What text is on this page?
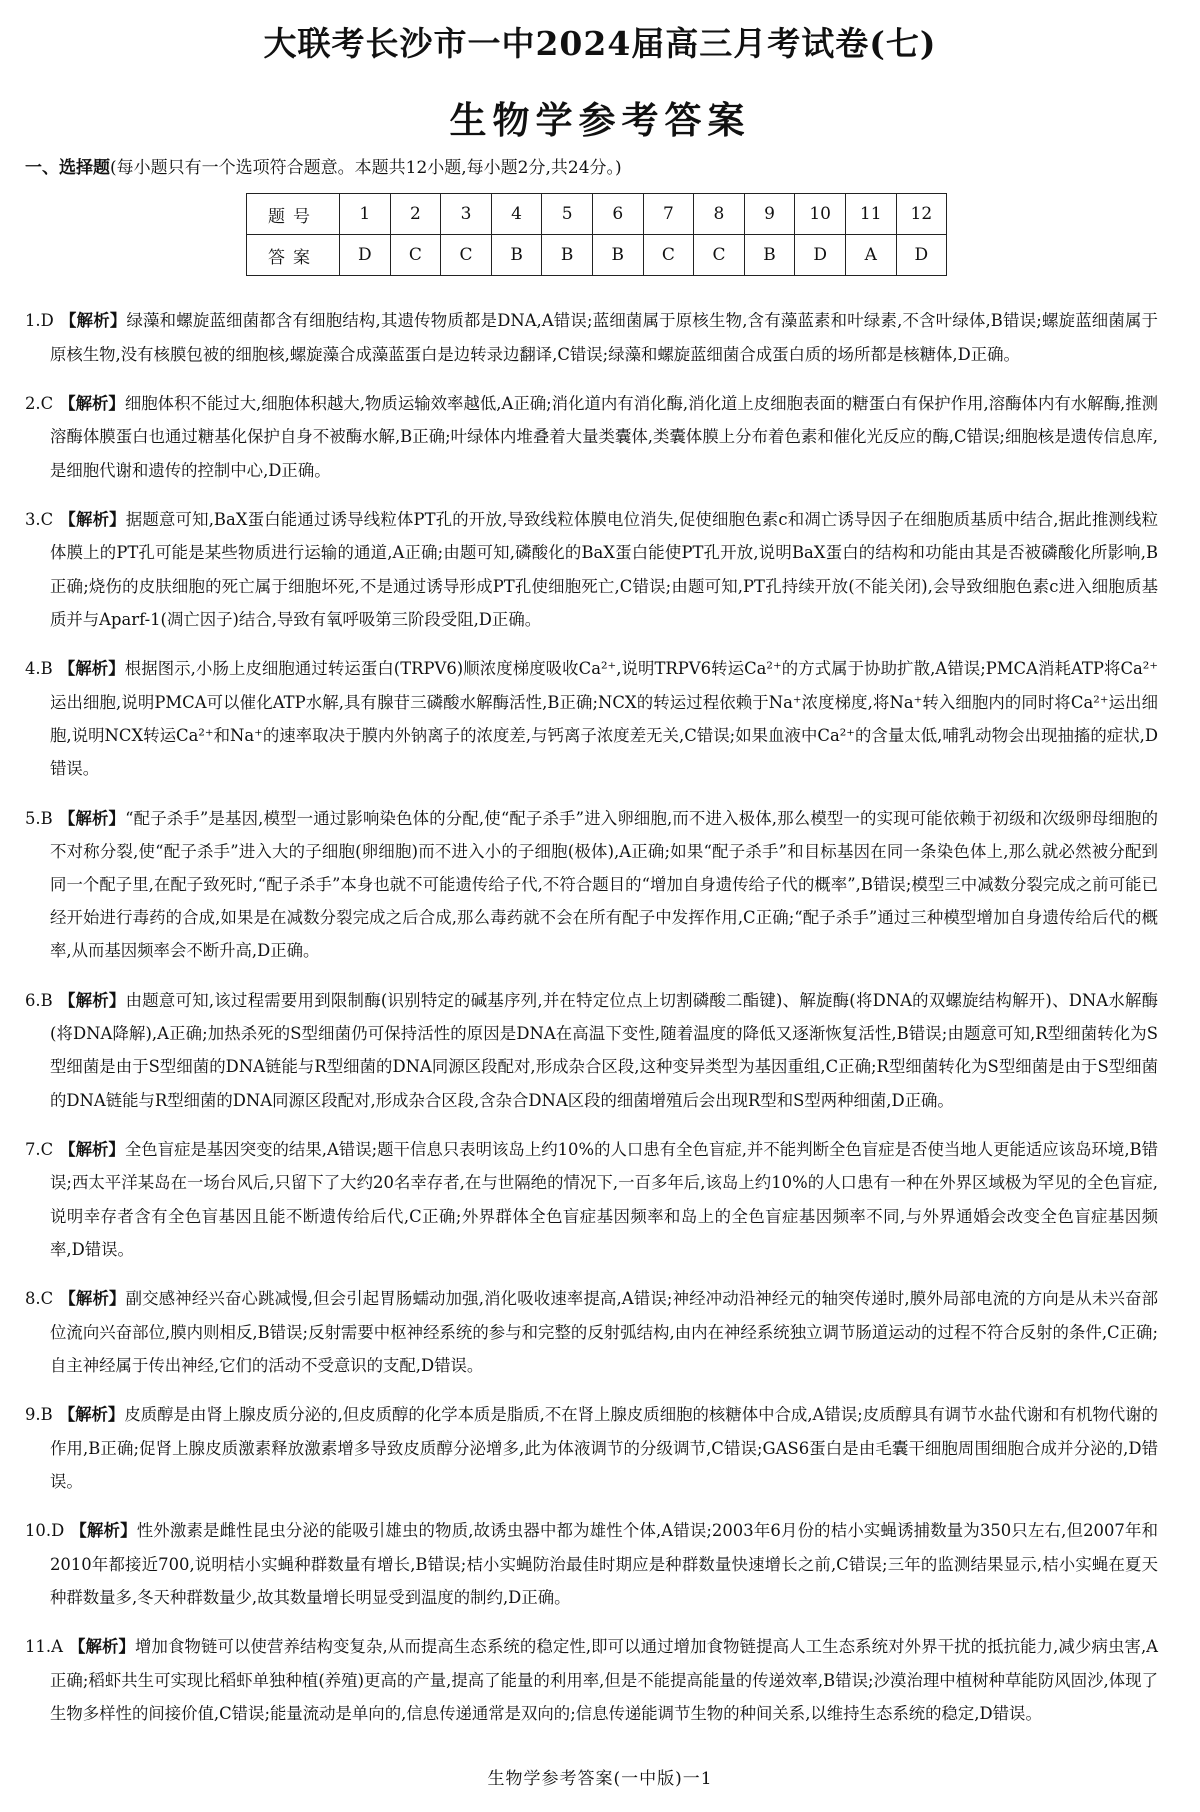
大联考长沙市一中2024届高三月考试卷(七)
生物学参考答案
一、选择题(每小题只有一个选项符合题意。本题共12小题,每小题2分,共24分。)
题号	1	2	3	4	5	6	7	8	9	10	11	12
答案	D	C	C	B	B	B	C	C	B	D	A	D

1.D 【解析】绿藻和螺旋蓝细菌都含有细胞结构,其遗传物质都是DNA,A错误;蓝细菌属于原核生物,含有藻蓝素和叶绿素,不含叶绿体,B错误;螺旋蓝细菌属于原核生物,没有核膜包被的细胞核,螺旋藻合成藻蓝蛋白是边转录边翻译,C错误;绿藻和螺旋蓝细菌合成蛋白质的场所都是核糖体,D正确。

2.C 【解析】细胞体积不能过大,细胞体积越大,物质运输效率越低,A正确;消化道内有消化酶,消化道上皮细胞表面的糖蛋白有保护作用,溶酶体内有水解酶,推测溶酶体膜蛋白也通过糖基化保护自身不被酶水解,B正确;叶绿体内堆叠着大量类囊体,类囊体膜上分布着色素和催化光反应的酶,C错误;细胞核是遗传信息库,是细胞代谢和遗传的控制中心,D正确。

3.C 【解析】据题意可知,BaX蛋白能通过诱导线粒体PT孔的开放,导致线粒体膜电位消失,促使细胞色素c和凋亡诱导因子在细胞质基质中结合,据此推测线粒体膜上的PT孔可能是某些物质进行运输的通道,A正确;由题可知,磷酸化的BaX蛋白能使PT孔开放,说明BaX蛋白的结构和功能由其是否被磷酸化所影响,B正确;烧伤的皮肤细胞的死亡属于细胞坏死,不是通过诱导形成PT孔使细胞死亡,C错误;由题可知,PT孔持续开放(不能关闭),会导致细胞色素c进入细胞质基质并与Aparf-1(凋亡因子)结合,导致有氧呼吸第三阶段受阻,D正确。

4.B 【解析】根据图示,小肠上皮细胞通过转运蛋白(TRPV6)顺浓度梯度吸收Ca²⁺,说明TRPV6转运Ca²⁺的方式属于协助扩散,A错误;PMCA消耗ATP将Ca²⁺运出细胞,说明PMCA可以催化ATP水解,具有腺苷三磷酸水解酶活性,B正确;NCX的转运过程依赖于Na⁺浓度梯度,将Na⁺转入细胞内的同时将Ca²⁺运出细胞,说明NCX转运Ca²⁺和Na⁺的速率取决于膜内外钠离子的浓度差,与钙离子浓度差无关,C错误;如果血液中Ca²⁺的含量太低,哺乳动物会出现抽搐的症状,D错误。

5.B 【解析】“配子杀手”是基因,模型一通过影响染色体的分配,使“配子杀手”进入卵细胞,而不进入极体,那么模型一的实现可能依赖于初级和次级卵母细胞的不对称分裂,使“配子杀手”进入大的子细胞(卵细胞)而不进入小的子细胞(极体),A正确;如果“配子杀手”和目标基因在同一条染色体上,那么就必然被分配到同一个配子里,在配子致死时,“配子杀手”本身也就不可能遗传给子代,不符合题目的“增加自身遗传给子代的概率”,B错误;模型三中减数分裂完成之前可能已经开始进行毒药的合成,如果是在减数分裂完成之后合成,那么毒药就不会在所有配子中发挥作用,C正确;“配子杀手”通过三种模型增加自身遗传给后代的概率,从而基因频率会不断升高,D正确。

6.B 【解析】由题意可知,该过程需要用到限制酶(识别特定的碱基序列,并在特定位点上切割磷酸二酯键)、解旋酶(将DNA的双螺旋结构解开)、DNA水解酶(将DNA降解),A正确;加热杀死的S型细菌仍可保持活性的原因是DNA在高温下变性,随着温度的降低又逐渐恢复活性,B错误;由题意可知,R型细菌转化为S型细菌是由于S型细菌的DNA链能与R型细菌的DNA同源区段配对,形成杂合区段,这种变异类型为基因重组,C正确;R型细菌转化为S型细菌是由于S型细菌的DNA链能与R型细菌的DNA同源区段配对,形成杂合区段,含杂合DNA区段的细菌增殖后会出现R型和S型两种细菌,D正确。

7.C 【解析】全色盲症是基因突变的结果,A错误;题干信息只表明该岛上约10%的人口患有全色盲症,并不能判断全色盲症是否使当地人更能适应该岛环境,B错误;西太平洋某岛在一场台风后,只留下了大约20名幸存者,在与世隔绝的情况下,一百多年后,该岛上约10%的人口患有一种在外界区域极为罕见的全色盲症,说明幸存者含有全色盲基因且能不断遗传给后代,C正确;外界群体全色盲症基因频率和岛上的全色盲症基因频率不同,与外界通婚会改变全色盲症基因频率,D错误。

8.C 【解析】副交感神经兴奋心跳减慢,但会引起胃肠蠕动加强,消化吸收速率提高,A错误;神经冲动沿神经元的轴突传递时,膜外局部电流的方向是从未兴奋部位流向兴奋部位,膜内则相反,B错误;反射需要中枢神经系统的参与和完整的反射弧结构,由内在神经系统独立调节肠道运动的过程不符合反射的条件,C正确;自主神经属于传出神经,它们的活动不受意识的支配,D错误。

9.B 【解析】皮质醇是由肾上腺皮质分泌的,但皮质醇的化学本质是脂质,不在肾上腺皮质细胞的核糖体中合成,A错误;皮质醇具有调节水盐代谢和有机物代谢的作用,B正确;促肾上腺皮质激素释放激素增多导致皮质醇分泌增多,此为体液调节的分级调节,C错误;GAS6蛋白是由毛囊干细胞周围细胞合成并分泌的,D错误。

10.D 【解析】性外激素是雌性昆虫分泌的能吸引雄虫的物质,故诱虫器中都为雄性个体,A错误;2003年6月份的桔小实蝇诱捕数量为350只左右,但2007年和2010年都接近700,说明桔小实蝇种群数量有增长,B错误;桔小实蝇防治最佳时期应是种群数量快速增长之前,C错误;三年的监测结果显示,桔小实蝇在夏天种群数量多,冬天种群数量少,故其数量增长明显受到温度的制约,D正确。

11.A 【解析】增加食物链可以使营养结构变复杂,从而提高生态系统的稳定性,即可以通过增加食物链提高人工生态系统对外界干扰的抵抗能力,减少病虫害,A正确;稻虾共生可实现比稻虾单独种植(养殖)更高的产量,提高了能量的利用率,但是不能提高能量的传递效率,B错误;沙漠治理中植树种草能防风固沙,体现了生物多样性的间接价值,C错误;能量流动是单向的,信息传递通常是双向的;信息传递能调节生物的种间关系,以维持生态系统的稳定,D错误。

生物学参考答案(一中版)一1
